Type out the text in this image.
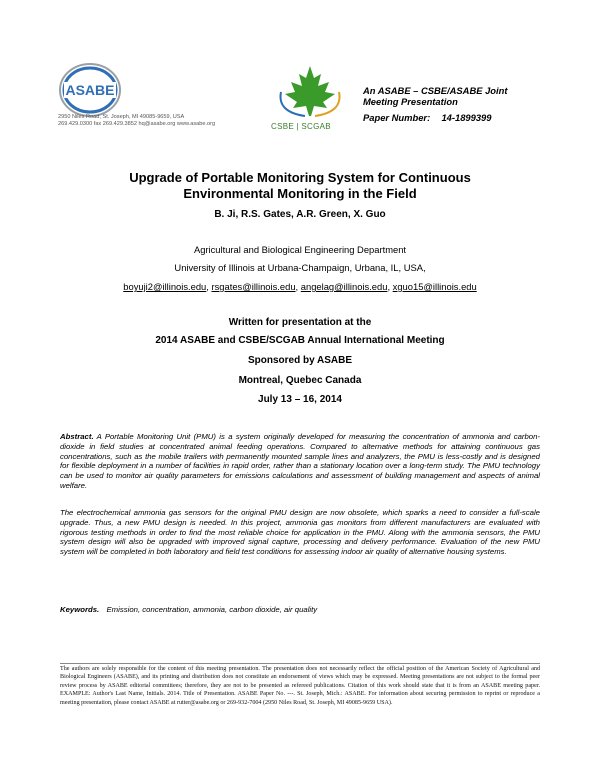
ASABE
2950 Niles Road, St. Joseph, MI 49085-9659, USA
269.429.0300 fax 269.429.3852 hq@asabe.org www.asabe.org	CSBE | SCGAB
An ASABE – CSBE/ASABE Joint
Meeting Presentation
Paper Number: 14-1899399
Upgrade of Portable Monitoring System for Continuous
Environmental Monitoring in the Field
B. Ji, R.S. Gates, A.R. Green, X. Guo
Agricultural and Biological Engineering Department
University of Illinois at Urbana-Champaign, Urbana, IL, USA,
boyuji2@illinois.edu, rsgates@illinois.edu, angelag@illinois.edu, xguo15@illinois.edu
Written for presentation at the
2014 ASABE and CSBE/SCGAB Annual International Meeting
Sponsored by ASABE
Montreal, Quebec Canada
July 13 – 16, 2014

Abstract. A Portable Monitoring Unit (PMU) is a system originally developed for measuring the concentration of ammonia and carbon-dioxide in field studies at concentrated animal feeding operations. Compared to alternative methods for attaining continuous gas concentrations, such as the mobile trailers with permanently mounted sample lines and analyzers, the PMU is less-costly and is designed for flexible deployment in a number of facilities in rapid order, rather than a stationary location over a long-term study. The PMU technology can be used to monitor air quality parameters for emissions calculations and assessment of building management and aspects of animal welfare.

The electrochemical ammonia gas sensors for the original PMU design are now obsolete, which sparks a need to consider a full-scale upgrade. Thus, a new PMU design is needed. In this project, ammonia gas monitors from different manufacturers are evaluated with rigorous testing methods in order to find the most reliable choice for application in the PMU. Along with the ammonia sensors, the PMU system design will also be upgraded with improved signal capture, processing and delivery performance. Evaluation of the new PMU system will be completed in both laboratory and field test conditions for assessing indoor air quality of alternative housing systems.

Keywords. Emission, concentration, ammonia, carbon dioxide, air quality
The authors are solely responsible for the content of this meeting presentation. The presentation does not necessarily reflect the official position of the American Society of Agricultural and Biological Engineers (ASABE), and its printing and distribution does not constitute an endorsement of views which may be expressed. Meeting presentations are not subject to the formal peer review process by ASABE editorial committees; therefore, they are not to be presented as refereed publications. Citation of this work should state that it is from an ASABE meeting paper. EXAMPLE: Author's Last Name, Initials. 2014. Title of Presentation. ASABE Paper No. ---. St. Joseph, Mich.: ASABE. For information about securing permission to reprint or reproduce a meeting presentation, please contact ASABE at rutter@asabe.org or 269-932-7004 (2950 Niles Road, St. Joseph, MI 49085-9659 USA).
